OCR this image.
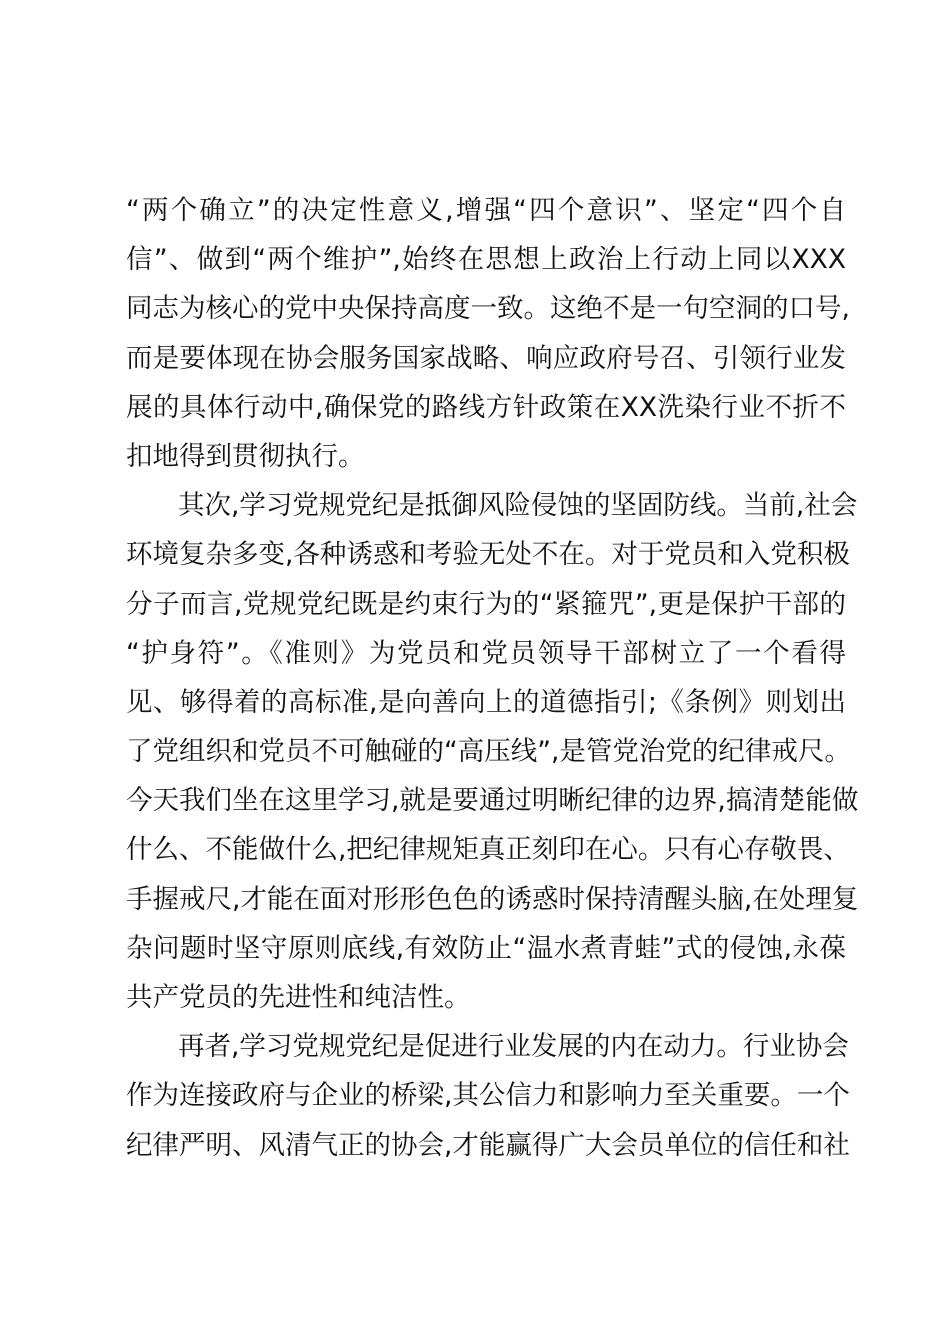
“两个确立”的决定性意义,增强“四个意识”、坚定“四个自
信”、做到“两个维护”,始终在思想上政治上行动上同以XXX
同志为核心的党中央保持高度一致。这绝不是一句空洞的口号,
而是要体现在协会服务国家战略、响应政府号召、引领行业发
展的具体行动中,确保党的路线方针政策在XX洗染行业不折不
扣地得到贯彻执行。
其次,学习党规党纪是抵御风险侵蚀的坚固防线。当前,社会
环境复杂多变,各种诱惑和考验无处不在。对于党员和入党积极
分子而言,党规党纪既是约束行为的“紧箍咒”,更是保护干部的
“护身符”。《准则》为党员和党员领导干部树立了一个看得
见、够得着的高标准,是向善向上的道德指引;《条例》则划出
了党组织和党员不可触碰的“高压线”,是管党治党的纪律戒尺。
今天我们坐在这里学习,就是要通过明晰纪律的边界,搞清楚能做
什么、不能做什么,把纪律规矩真正刻印在心。只有心存敬畏、
手握戒尺,才能在面对形形色色的诱惑时保持清醒头脑,在处理复
杂问题时坚守原则底线,有效防止“温水煮青蛙”式的侵蚀,永葆
共产党员的先进性和纯洁性。
再者,学习党规党纪是促进行业发展的内在动力。行业协会
作为连接政府与企业的桥梁,其公信力和影响力至关重要。一个
纪律严明、风清气正的协会,才能赢得广大会员单位的信任和社
